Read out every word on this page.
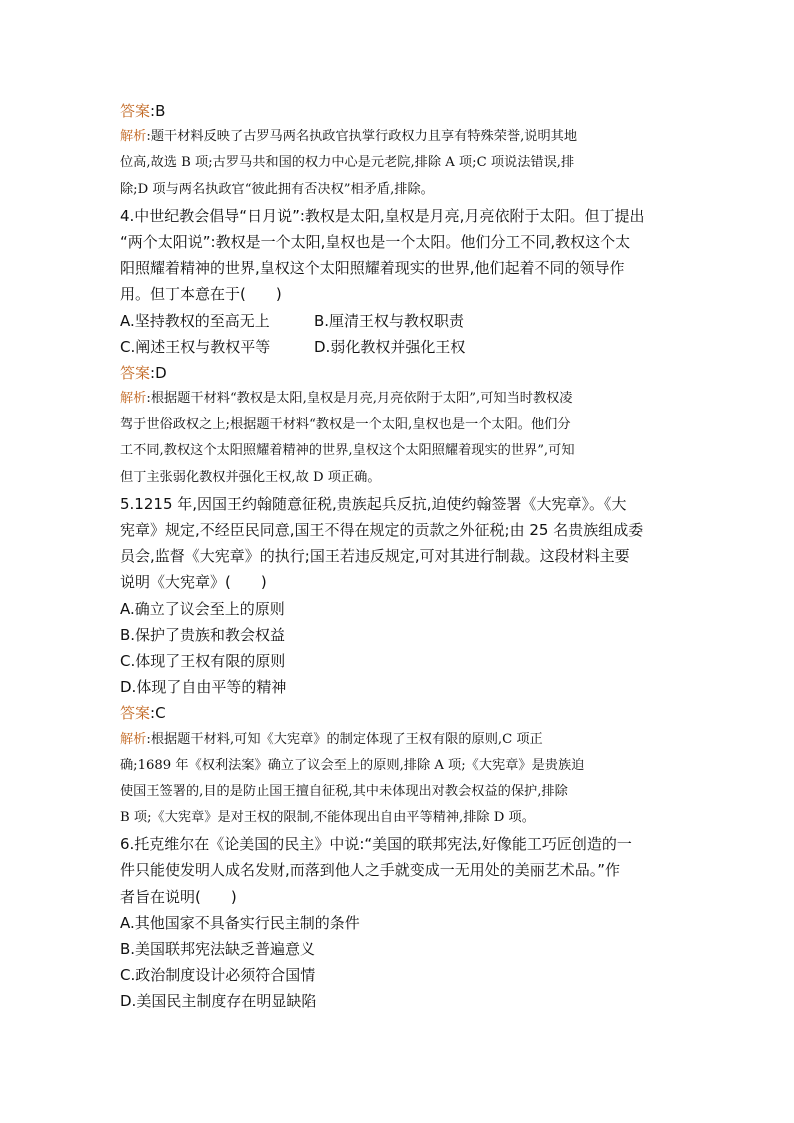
答案:B
解析:题干材料反映了古罗马两名执政官执掌行政权力且享有特殊荣誉,说明其地
位高,故选 B 项;古罗马共和国的权力中心是元老院,排除 A 项;C 项说法错误,排
除;D 项与两名执政官“彼此拥有否决权”相矛盾,排除。
4.中世纪教会倡导“日月说”:教权是太阳,皇权是月亮,月亮依附于太阳。但丁提出
“两个太阳说”:教权是一个太阳,皇权也是一个太阳。他们分工不同,教权这个太
阳照耀着精神的世界,皇权这个太阳照耀着现实的世界,他们起着不同的领导作
用。但丁本意在于(　　)
A.坚持教权的至高无上	B.厘清王权与教权职责
C.阐述王权与教权平等	D.弱化教权并强化王权
答案:D
解析:根据题干材料“教权是太阳,皇权是月亮,月亮依附于太阳”,可知当时教权凌
驾于世俗政权之上;根据题干材料“教权是一个太阳,皇权也是一个太阳。他们分
工不同,教权这个太阳照耀着精神的世界,皇权这个太阳照耀着现实的世界”,可知
但丁主张弱化教权并强化王权,故 D 项正确。
5.1215 年,因国王约翰随意征税,贵族起兵反抗,迫使约翰签署《大宪章》。《大
宪章》规定,不经臣民同意,国王不得在规定的贡款之外征税;由 25 名贵族组成委
员会,监督《大宪章》的执行;国王若违反规定,可对其进行制裁。这段材料主要
说明《大宪章》(　　)
A.确立了议会至上的原则
B.保护了贵族和教会权益
C.体现了王权有限的原则
D.体现了自由平等的精神
答案:C
解析:根据题干材料,可知《大宪章》的制定体现了王权有限的原则,C 项正
确;1689 年《权利法案》确立了议会至上的原则,排除 A 项;《大宪章》是贵族迫
使国王签署的,目的是防止国王擅自征税,其中未体现出对教会权益的保护,排除
B 项;《大宪章》是对王权的限制,不能体现出自由平等精神,排除 D 项。
6.托克维尔在《论美国的民主》中说:“美国的联邦宪法,好像能工巧匠创造的一
件只能使发明人成名发财,而落到他人之手就变成一无用处的美丽艺术品。”作
者旨在说明(　　)
A.其他国家不具备实行民主制的条件
B.美国联邦宪法缺乏普遍意义
C.政治制度设计必须符合国情
D.美国民主制度存在明显缺陷
